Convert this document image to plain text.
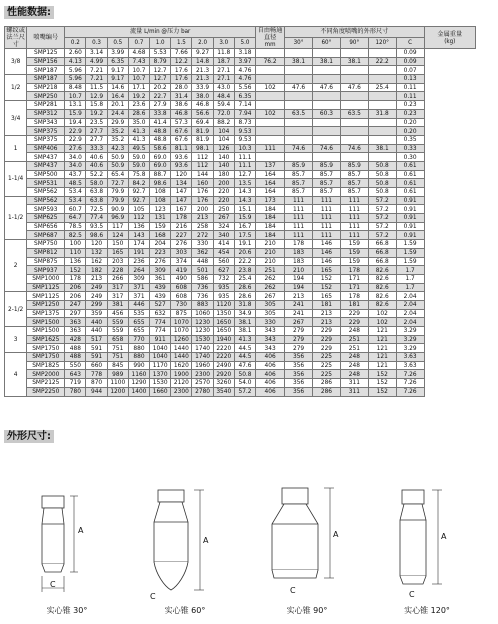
性能数据:
螺纹或法兰尺寸	喷嘴编号	流量 L/min @压力 bar									自由畅通直径
mm	不同角度喷嘴的外形尺寸					金属重量
(kg)
		0.2	0.3	0.5	0.7	1.0	1.5	2.0	3.0	5.0		30°	60°	90°	120°	C	
3/8	SMP125	2.60	3.14	3.99	4.68	5.53	7.66	9.27	11.8	3.18						0.09	
	SMP156	4.13	4.99	6.35	7.43	8.79	12.2	14.8	18.7	3.97	76.2	38.1	38.1	38.1	22.2	0.09	
	SMP187	5.96	7.21	9.17	10.7	12.7	17.6	21.3	27.1	4.76						0.07	
1/2	SMP187	5.96	7.21	9.17	10.7	12.7	17.6	21.3	27.1	4.76						0.13	
	SMP218	8.48	11.5	14.6	17.1	20.2	28.0	33.9	43.0	5.56	102	47.6	47.6	47.6	25.4	0.11	
	SMP250	10.7	12.9	16.4	19.2	22.7	31.4	38.0	48.4	6.35						0.11	
3/4	SMP281	13.1	15.8	20.1	23.6	27.9	38.6	46.8	59.4	7.14						0.23	
	SMP312	15.9	19.2	24.4	28.6	33.8	46.8	56.6	72.0	7.94	102	63.5	60.3	63.5	31.8	0.23	
	SMP343	19.4	23.5	29.9	35.0	41.4	57.3	69.4	88.2	8.73						0.20	
	SMP375	22.9	27.7	35.2	41.3	48.8	67.6	81.9	104	9.53						0.20	
1	SMP375	22.9	27.7	35.2	41.3	48.8	67.6	81.9	104	9.53						0.35	
	SMP406	27.6	33.3	42.3	49.5	58.6	81.1	98.1	126	10.3	111	74.6	74.6	74.6	38.1	0.33	
	SMP437	34.0	40.6	50.9	59.0	69.0	93.6	112	140	11.1						0.30	
1-1/4	SMP437	34.0	40.6	50.9	59.0	69.0	93.6	112	140	11.1	137	85.9	85.9	85.9	50.8	0.61	
	SMP500	43.7	52.2	65.4	75.8	88.7	120	144	180	12.7	164	85.7	85.7	85.7	50.8	0.61	
	SMP531	48.5	58.0	72.7	84.2	98.6	134	160	200	13.5	164	85.7	85.7	85.7	50.8	0.61	
	SMP562	53.4	63.8	79.9	92.7	108	147	176	220	14.3	164	85.7	85.7	85.7	50.8	0.61	
1-1/2	SMP562	53.4	63.8	79.9	92.7	108	147	176	220	14.3	173	111	111	111	57.2	0.91	
	SMP593	60.7	72.5	90.9	105	123	167	200	250	15.1	184	111	111	111	57.2	0.91	
	SMP625	64.7	77.4	96.9	112	131	178	213	267	15.9	184	111	111	111	57.2	0.91	
	SMP656	78.5	93.5	117	136	159	216	258	324	16.7	184	111	111	111	57.2	0.91	
	SMP687	82.5	98.6	124	143	168	227	272	340	17.5	184	111	111	111	57.2	0.91	
2	SMP750	100	120	150	174	204	276	330	414	19.1	210	178	146	159	66.8	1.59	
	SMP812	110	132	165	191	223	303	362	454	20.6	210	183	146	159	66.8	1.59	
	SMP875	136	162	203	236	276	374	448	560	22.2	210	183	146	159	66.8	1.59	
	SMP937	152	182	228	264	309	419	501	627	23.8	251	210	165	178	82.6	1.7	
	SMP1000	178	213	266	309	361	490	586	732	25.4	262	194	152	171	82.6	1.7	
	SMP1125	206	249	317	371	439	608	736	935	28.6	262	194	152	171	82.6	1.7	
2-1/2	SMP1125	206	249	317	371	439	608	736	935	28.6	267	213	165	178	82.6	2.04	
	SMP1250	247	299	381	446	527	730	883	1120	31.8	305	241	181	181	82.6	2.04	
	SMP1375	297	359	456	535	632	875	1060	1350	34.9	305	241	213	229	102	2.04	
	SMP1500	363	440	559	655	774	1070	1230	1650	38.1	330	267	213	229	102	2.04	
3	SMP1500	363	440	559	655	774	1070	1230	1650	38.1	343	279	229	248	121	3.29	
	SMP1625	428	517	658	770	911	1260	1530	1940	41.3	343	279	229	251	121	3.29	
	SMP1750	488	591	751	880	1040	1440	1740	2220	44.5	343	279	229	251	121	3.29	
4	SMP1750	488	591	751	880	1040	1440	1740	2220	44.5	406	356	225	248	121	3.63	
	SMP1825	550	660	845	990	1170	1620	1960	2490	47.6	406	356	225	248	121	3.63	
	SMP2000	643	778	989	1160	1370	1900	2300	2920	50.8	406	356	225	248	152	7.26	
	SMP2125	719	870	1100	1290	1530	2120	2570	3260	54.0	406	356	286	311	152	7.26	
	SMP2250	780	944	1200	1400	1660	2300	2780	3540	57.2	406	356	286	311	152	7.26	
外形尺寸:
A
C
实心锥 30°
A
C
实心锥 60°
A
C
实心锥 90°
A
C
实心锥 120°
